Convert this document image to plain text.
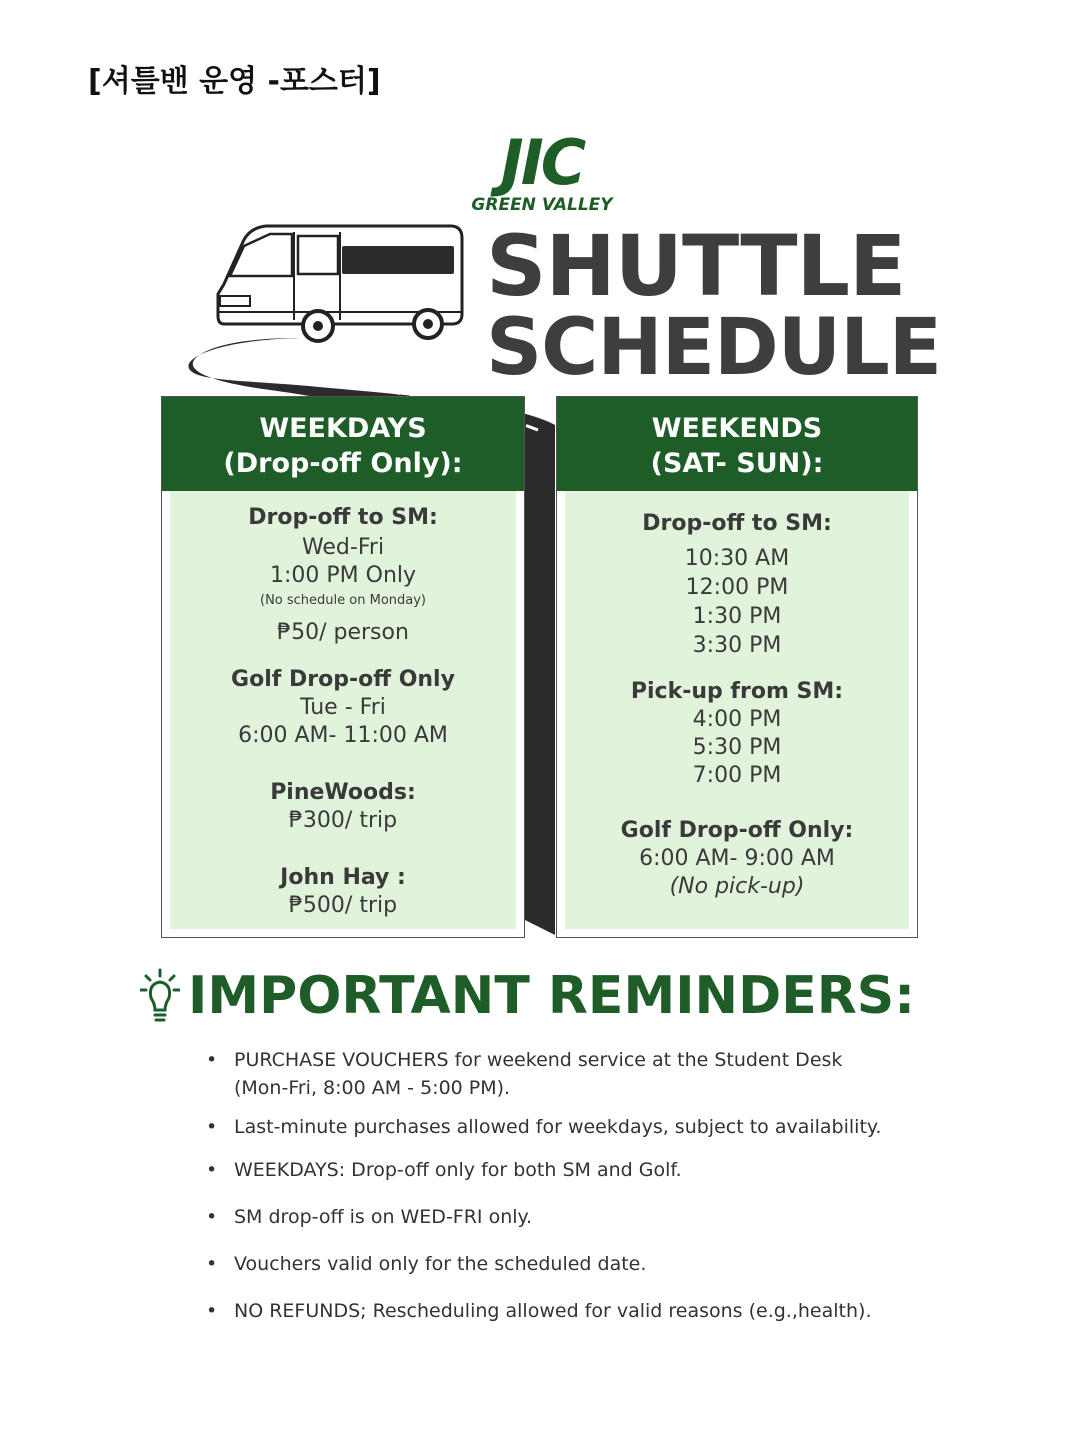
[셔틀밴 운영 -포스터]
JIC
GREEN VALLEY
SHUTTLE
SCHEDULE
WEEKDAYS
(Drop-off Only):
Drop-off to SM:
Wed-Fri
1:00 PM Only
(No schedule on Monday)
₱50/ person
Golf Drop-off Only
Tue - Fri
6:00 AM- 11:00 AM
PineWoods:
₱300/ trip
John Hay :
₱500/ trip
WEEKENDS
(SAT- SUN):
Drop-off to SM:
10:30 AM
12:00 PM
1:30 PM
3:30 PM
Pick-up from SM:
4:00 PM
5:30 PM
7:00 PM
Golf Drop-off Only:
6:00 AM- 9:00 AM
(No pick-up)
IMPORTANT REMINDERS:
• PURCHASE VOUCHERS for weekend service at the Student Desk
(Mon-Fri, 8:00 AM - 5:00 PM).
• Last-minute purchases allowed for weekdays, subject to availability.
• WEEKDAYS: Drop-off only for both SM and Golf.
• SM drop-off is on WED-FRI only.
• Vouchers valid only for the scheduled date.
• NO REFUNDS; Rescheduling allowed for valid reasons (e.g.,health).
